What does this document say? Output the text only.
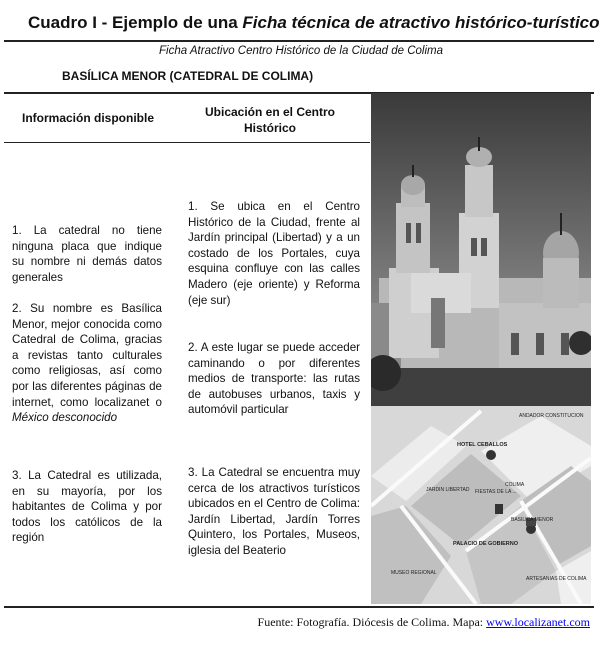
Cuadro I - Ejemplo de una Ficha técnica de atractivo histórico-turístico
Ficha Atractivo Centro Histórico de la Ciudad de Colima
BASÍLICA MENOR (CATEDRAL DE COLIMA)
Información disponible	Ubicación en el Centro Histórico
1. La catedral no tiene ninguna placa que indique su nombre ni demás datos generales
2. Su nombre es Basílica Menor, mejor conocida como Catedral de Colima, gracias a revistas tanto culturales como religiosas, así como por las diferentes páginas de internet, como localizanet o México desconocido
3. La Catedral es utilizada, en su mayoría, por los habitantes de Colima y por todos los católicos de la región
1. Se ubica en el Centro Histórico de la Ciudad, frente al Jardín principal (Libertad) y a un costado de los Portales, cuya esquina confluye con las calles Madero (eje oriente) y Reforma (eje sur)
2. A este lugar se puede acceder caminando o por diferentes medios de transporte: las rutas de autobuses urbanos, taxis y automóvil particular
3. La Catedral se encuentra muy cerca de los atractivos turísticos ubicados en el Centro de Colima: Jardín Libertad, Jardín Torres Quintero, los Portales, Museos, iglesia del Beaterio
HOTEL CEBALLOS
JARDIN LIBERTAD FIESTAS DE LA ...
COLIMA
BASILICA MENOR
PALACIO DE GOBIERNO
MUSEO REGIONAL
ARTESANIAS DE COLIMA
ANDADOR CONSTITUCION
Fuente: Fotografía. Diócesis de Colima. Mapa: www.localizanet.com
